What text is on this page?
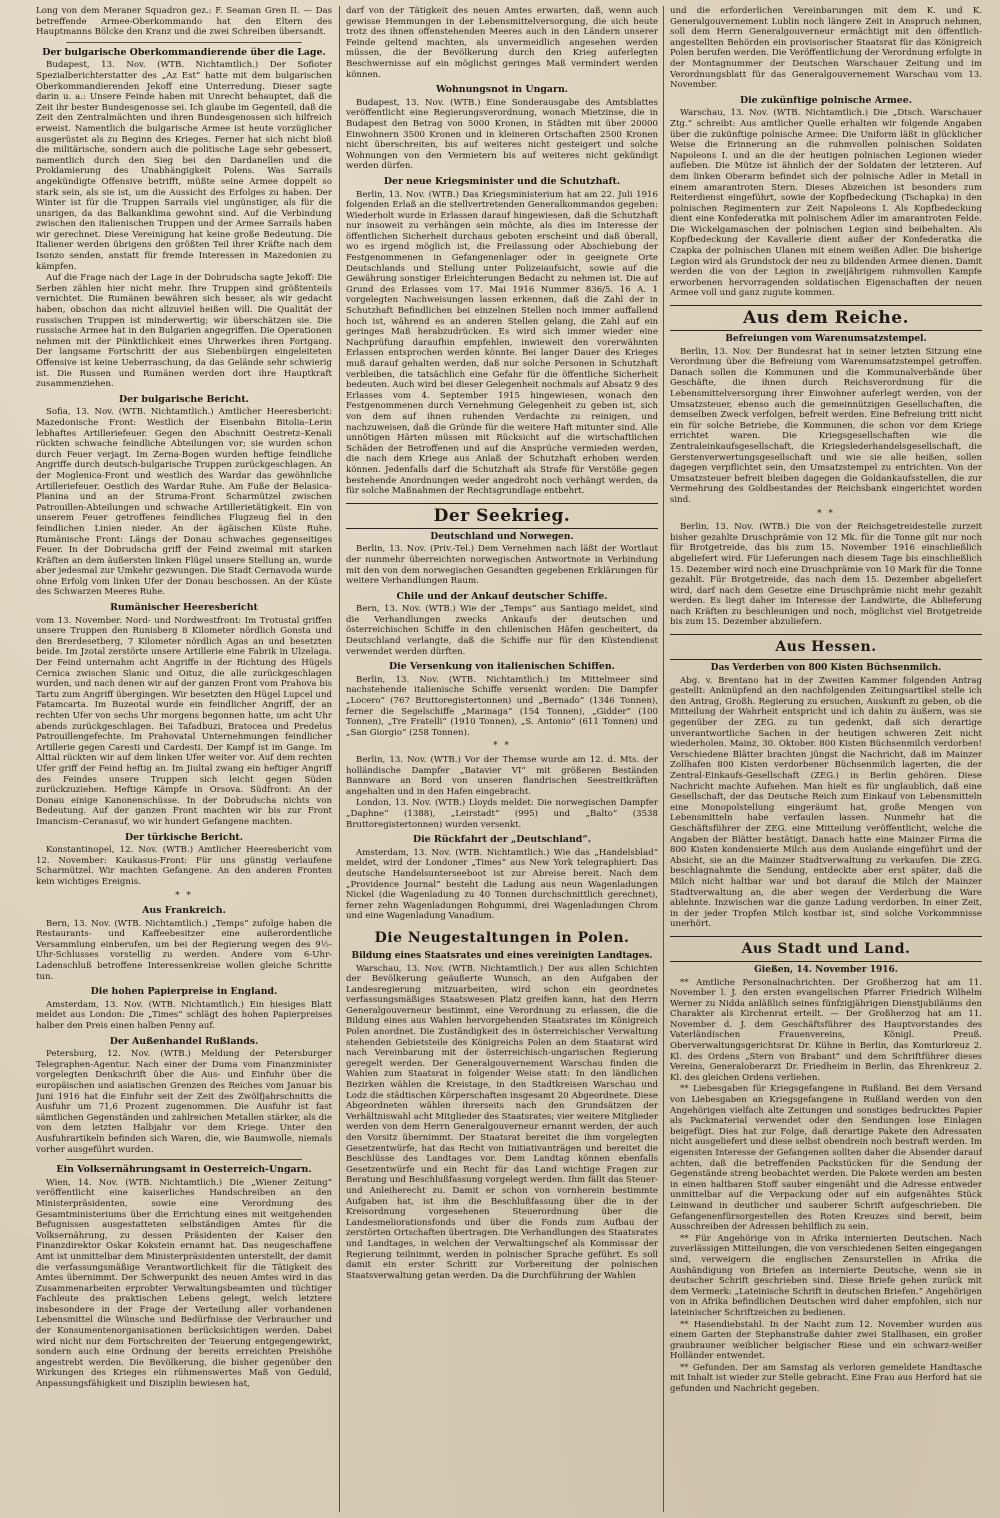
Long von dem Meraner Squadron gez.: F. Seaman Gren II. — Das betreffende Armee-Oberkommando hat den Eltern des Hauptmanns Bölcke den Kranz und die zwei Schreiben übersandt.

Der bulgarische Oberkommandierende über die Lage.

Budapest, 13. Nov. (WTB. Nichtamtlich.) Der Sofioter Spezialberichterstatter des „Az Est“ hatte mit dem bulgarischen Oberkommandierenden Jekoff eine Unterredung. Dieser sagte darin u. a.: Unsere Feinde haben mit Unrecht behauptet, daß die Zeit ihr bester Bundesgenosse sei. Ich glaube im Gegenteil, daß die Zeit den Zentralmächten und ihren Bundesgenossen sich hilfreich erweist. Namentlich die bulgarische Armee ist heute vorzüglicher ausgerüstet als zu Beginn des Krieges. Ferner hat sich nicht bloß die militärische, sondern auch die politische Lage sehr gebessert, namentlich durch den Sieg bei den Dardanellen und die Proklamierung des Unabhängigkeit Polens. Was Sarrails angekündigte Offensive betrifft, müßte seine Armee doppelt so stark sein, als sie ist, um die Aussicht des Erfolges zu haben. Der Winter ist für die Truppen Sarrails viel ungünstiger, als für die unsrigen, da das Balkanklima gewohnt sind. Auf die Verbindung zwischen den italienischen Truppen und der Armee Sarrails haben wir gerechnet. Diese Vereinigung hat keine große Bedeutung. Die Italiener werden übrigens den größten Teil ihrer Kräfte nach dem Isonzo senden, anstatt für fremde Interessen in Mazedonien zu kämpfen.

Auf die Frage nach der Lage in der Dobrudscha sagte Jekoff: Die Serben zählen hier nicht mehr. Ihre Truppen sind größtenteils vernichtet. Die Rumänen bewähren sich besser, als wir gedacht haben, obschon das nicht allzuviel heißen will. Die Qualität der russischen Truppen ist minderwertig; wir überschätzen sie. Die russische Armee hat in den Bulgarien angegriffen. Die Operationen nehmen mit der Pünktlichkeit eines Uhrwerkes ihren Fortgang. Der langsame Fortschritt der aus Siebenbürgen eingeleiteten Offensive ist keine Ueberraschung, da das Gelände sehr schwierig ist. Die Russen und Rumänen werden dort ihre Hauptkraft zusammenziehen.

Der bulgarische Bericht.

Sofia, 13. Nov. (WTB. Nichtamtlich.) Amtlicher Heeresbericht: Mazedonische Front: Westlich der Eisenbahn Bitolia–Lerin lebhaftes Artilleriefeuer. Gegen den Abschnitt Oestretz–Kenali rückten schwache feindliche Abteilungen vor; sie wurden schon durch Feuer verjagt. Im Zerna-Bogen wurden heftige feindliche Angriffe durch deutsch-bulgarische Truppen zurückgeschlagen. An der Moglenica-Front und westlich des Wardar das gewöhnliche Artilleriefeuer. Oestlich des Wardar Ruhe. Am Fuße der Belasica-Planina und an der Struma-Front Scharmützel zwischen Patrouillen-Abteilungen und schwache Artillerietätigkeit. Ein von unserem Feuer getroffenes feindliches Flugzeug fiel in den feindlichen Linien nieder. An der ägäischen Küste Ruhe. Rumänische Front: Längs der Donau schwaches gegenseitiges Feuer. In der Dobrudscha griff der Feind zweimal mit starken Kräften an dem äußersten linken Flügel unsere Stellung an, wurde aber jedesmal zur Umkehr gezwungen. Die Stadt Cernavoda wurde ohne Erfolg vom linken Ufer der Donau beschossen. An der Küste des Schwarzen Meeres Ruhe.

Rumänischer Heeresbericht

vom 13. November. Nord- und Nordwestfront: Im Trotustal griffen unsere Truppen den Runisberg 8 Kilometer nördlich Gonsta und den Brerdesetberg, 7 Kilometer nördlich Agas an und besetzten beide. Im Jzotal zerstörte unsere Artillerie eine Fabrik in Ulzelaga. Der Feind unternahm acht Angriffe in der Richtung des Hügels Cernica zwischen Slanic und Oituz, die alle zurückgeschlagen wurden, und nach denen wir auf der ganzen Front vom Prahova bis Tartu zum Angriff übergingen. Wir besetzten den Hügel Lupcel und Fatamcarta. Im Buzeotal wurde ein feindlicher Angriff, der an rechten Ufer von sechs Uhr morgens begonnen hatte, um acht Uhr abends zurückgeschlagen. Bei Tafadbuzi, Bratocea und Predelus Patrouillengefechte. Im Prahovatal Unternehmungen feindlicher Artillerie gegen Caresti und Cardesti. Der Kampf ist im Gange. Im Alttal rückten wir auf dem linken Ufer weiter vor. Auf dem rechten Ufer griff der Feind heftig an. Im Jiultal zwang ein heftiger Angriff des Feindes unsere Truppen sich leicht gegen Süden zurückzuziehen. Heftige Kämpfe in Orsova. Südfront: An der Donau einige Kanonenschüsse. In der Dobrudscha nichts von Bedeutung. Auf der ganzen Front machten wir bis zur Front Imancism–Ceranasuf, wo wir hundert Gefangene machten.

Der türkische Bericht.

Konstantinopel, 12. Nov. (WTB.) Amtlicher Heeresbericht vom 12. November: Kaukasus-Front: Für uns günstig verlaufene Scharmützel. Wir machten Gefangene. An den anderen Fronten kein wichtiges Ereignis.

* *
Aus Frankreich.

Bern, 13. Nov. (WTB. Nichtamtlich.) „Temps“ zufolge haben die Restaurants- und Kaffeebesitzer eine außerordentliche Versammlung einberufen, um bei der Regierung wegen des 9½-Uhr-Schlusses vorstellig zu werden. Andere vom 6-Uhr-Ladenschluß betroffene Interessenkreise wollen gleiche Schritte tun.

Die hohen Papierpreise in England.

Amsterdam, 13. Nov. (WTB. Nichtamtlich.) Ein hiesiges Blatt meldet aus London: Die „Times“ schlägt des hohen Papierpreises halber den Preis einen halben Penny auf.

Der Außenhandel Rußlands.

Petersburg, 12. Nov. (WTB.) Meldung der Petersburger Telegraphen-Agentur. Nach einer der Duma vom Finanzminister vorgelegten Denkschrift über die Aus- und Einfuhr über die europäischen und asiatischen Grenzen des Reiches vom Januar bis Juni 1916 hat die Einfuhr seit der Zeit des Zwölfjahrschnitts die Ausfuhr um 71,6 Prozent zugenommen. Die Ausfuhr ist fast sämtlichen Gegenständen und zahlreichen Metallen stärker, als die von dem letzten Halbjahr vor dem Kriege. Unter den Ausfuhrartikeln befinden sich Waren, die, wie Baumwolle, niemals vorher ausgeführt wurden.

Ein Volksernährungsamt in Oesterreich-Ungarn.

Wien, 14. Nov. (WTB. Nichtamtlich.) Die „Wiener Zeitung“ veröffentlicht eine kaiserliches Handschreiben an den Ministerpräsidenten, sowie eine Verordnung des Gesamtministeriums über die Errichtung eines mit weitgehenden Befugnissen ausgestatteten selbständigen Amtes für die Volksernährung, zu dessen Präsidenten der Kaiser den Finanzdirektor Oskar Kokstein ernannt hat. Das neugeschaffene Amt ist unmittelbar dem Ministerpräsidenten unterstellt, der damit die verfassungsmäßige Verantwortlichkeit für die Tätigkeit des Amtes übernimmt. Der Schwerpunkt des neuen Amtes wird in das Zusammenarbeiten erprobter Verwaltungsbeamten und tüchtiger Fachleute des praktischen Lebens gelegt, welch letztere insbesondere in der Frage der Verteilung aller vorhandenen Lebensmittel die Wünsche und Bedürfnisse der Verbraucher und der Konsumentenorganisationen berücksichtigen werden. Dabei wird nicht nur dem Fortschreiten der Teuerung entgegengewirkt, sondern auch eine Ordnung der bereits erreichten Preishöhe angestrebt werden. Die Bevölkerung, die bisher gegenüber den Wirkungen des Krieges ein rühmenswertes Maß von Geduld, Anpassungsfähigkeit und Disziplin bewiesen hat,

darf von der Tätigkeit des neuen Amtes erwarten, daß, wenn auch gewisse Hemmungen in der Lebensmittelversorgung, die sich heute trotz des ihnen offenstehenden Meeres auch in den Ländern unserer Feinde geltend machten, als unvermeidlich angesehen werden müssen, die der Bevölkerung durch den Krieg auferlegten Beschwernisse auf ein möglichst geringes Maß vermindert werden können.

Wohnungsnot in Ungarn.

Budapest, 13. Nov. (WTB.) Eine Sonderausgabe des Amtsblattes veröffentlicht eine Regierungsverordnung, wonach Mietzinse, die in Budapest den Betrag von 5000 Kronen, in Städten mit über 20000 Einwohnern 3500 Kronen und in kleineren Ortschaften 2500 Kronen nicht überschreiten, bis auf weiteres nicht gesteigert und solche Wohnungen von den Vermietern bis auf weiteres nicht gekündigt werden dürfen.

Der neue Kriegsminister und die Schutzhaft.

Berlin, 13. Nov. (WTB.) Das Kriegsministerium hat am 22. Juli 1916 folgenden Erlaß an die stellvertretenden Generalkommandos gegeben: Wiederholt wurde in Erlassen darauf hingewiesen, daß die Schutzhaft nur insoweit zu verhängen sein möchte, als dies im Interesse der öffentlichen Sicherheit durchaus geboten erscheint und daß überall, wo es irgend möglich ist, die Freilassung oder Abschiebung der Festgenommenen in Gefangenenlager oder in geeignete Orte Deutschlands und Stellung unter Polizeiaufsicht, sowie auf die Gewährung sonstiger Erleichterungen Bedacht zu nehmen ist. Die auf Grund des Erlasses vom 17. Mai 1916 Nummer 836/5. 16 A. 1 vorgelegten Nachweisungen lassen erkennen, daß die Zahl der in Schutzhaft Befindlichen bei einzelnen Stellen noch immer auffallend hoch ist, während es an anderen Stellen gelang, die Zahl auf ein geringes Maß herabzudrücken. Es wird sich immer wieder eine Nachprüfung daraufhin empfehlen, inwieweit den vorerwähnten Erlassen entsprochen werden könnte. Bei langer Dauer des Krieges muß darauf gehalten werden, daß nur solche Personen in Schutzhaft verbleiben, die tatsächlich eine Gefahr für die öffentliche Sicherheit bedeuten. Auch wird bei dieser Gelegenheit nochmals auf Absatz 9 des Erlasses vom 4. September 1915 hingewiesen, wonach den Festgenommenen durch Vernehmung Gelegenheit zu geben ist, sich von dem auf ihnen ruhenden Verdachte zu reinigen, und nachzuweisen, daß die Gründe für die weitere Haft mitunter sind. Alle unnötigen Härten müssen mit Rücksicht auf die wirtschaftlichen Schäden der Betroffenen und auf die Ansprüche vermieden werden, die nach dem Kriege aus Anlaß der Schutzhaft erhoben werden können. Jedenfalls darf die Schutzhaft als Strafe für Verstöße gegen bestehende Anordnungen weder angedroht noch verhängt werden, da für solche Maßnahmen der Rechtsgrundlage entbehrt.

Der Seekrieg.
Deutschland und Norwegen.

Berlin, 13. Nov. (Priv.-Tel.) Dem Vernehmen nach läßt der Wortlaut der nunmehr überreichten norwegischen Antwortnote in Verbindung mit den von dem norwegischen Gesandten gegebenen Erklärungen für weitere Verhandlungen Raum.

Chile und der Ankauf deutscher Schiffe.

Bern, 13. Nov. (WTB.) Wie der „Temps“ aus Santiago meldet, sind die Verhandlungen zwecks Ankaufs der deutschen und österreichischen Schiffe in den chilenischen Häfen gescheitert, da Deutschland verlangte, daß die Schiffe nur für den Küstendienst verwendet werden dürften.

Die Versenkung von italienischen Schiffen.

Berlin, 13. Nov. (WTB. Nichtamtlich.) Im Mittelmeer sind nachstehende italienische Schiffe versenkt worden: Die Dampfer „Locero“ (767 Bruttoregistertonnen) und „Bernado“ (1346 Tonnen), ferner die Segelschiffe „Marinaga“ (154 Tonnen), „Gidder“ (100 Tonnen), „Tre Fratelli“ (1910 Tonnen), „S. Antonio“ (611 Tonnen) und „San Giorgio“ (258 Tonnen).

* *

Berlin, 13. Nov. (WTB.) Vor der Themse wurde am 12. d. Mts. der holländische Dampfer „Batavier VI“ mit größeren Beständen Bannware an Bord von unseren flandrischen Seestreitkräften angehalten und in den Hafen eingebracht.

London, 13. Nov. (WTB.) Lloyds meldet: Die norwegischen Dampfer „Daphne“ (1388), „Leirstadt“ (995) und „Balto“ (3538 Bruttoregistertonnen) wurden versenkt.

Die Rückfahrt der „Deutschland“.

Amsterdam, 13. Nov. (WTB. Nichtamtlich.) Wie das „Handelsblad“ meldet, wird der Londoner „Times“ aus New York telegraphiert: Das deutsche Handelsunterseeboot ist zur Abreise bereit. Nach dem „Providence Journal“ besteht die Ladung aus neun Wagenladungen Nickel (die Wagenladung zu 40 Tonnen durchschnittlich gerechnet), ferner zehn Wagenladungen Rohgummi, drei Wagenladungen Chrom und eine Wagenladung Vanadium.

Die Neugestaltungen in Polen.
Bildung eines Staatsrates und eines vereinigten Landtages.

Warschau, 13. Nov. (WTB. Nichtamtlich.) Der aus allen Schichten der Bevölkerung geäußerte Wunsch, an den Aufgaben der Landesregierung mitzuarbeiten, wird schon ein geordnetes verfassungsmäßiges Staatswesen Platz greifen kann, hat den Herrn Generalgouverneur bestimmt, eine Verordnung zu erlassen, die die Bildung eines aus Wahlen hervorgehenden Staatsrates im Königreich Polen anordnet. Die Zuständigkeit des in österreichischer Verwaltung stehenden Gebietsteile des Königreichs Polen an dem Staatsrat wird nach Vereinbarung mit der österreichisch-ungarischen Regierung geregelt werden. Der Generalgouvernement Warschau finden die Wahlen zum Staatsrat in folgender Weise statt: In den ländlichen Bezirken wählen die Kreistage, in den Stadtkreisen Warschau und Lodz die städtischen Körperschaften insgesamt 20 Abgeordnete. Diese Abgeordneten wählen ihrerseits nach den Grundsätzen der Verhältniswahl acht Mitglieder des Staatsrates; vier weitere Mitglieder werden von dem Herrn Generalgouverneur ernannt werden, der auch den Vorsitz übernimmt. Der Staatsrat bereitet die ihm vorgelegten Gesetzentwürfe, hat das Recht von Initiativanträgen und bereitet die Beschlüsse des Landtages vor. Dem Landtag können ebenfalls Gesetzentwürfe und ein Recht für das Land wichtige Fragen zur Beratung und Beschlußfassung vorgelegt werden. Ihm fällt das Steuer- und Anleiherecht zu. Damit er schon von vornherein bestimmte Aufgaben hat, ist ihm die Beschlußfassung über die in der Kreisordnung vorgesehenen Steuerordnung über die Landesmeliorationsfonds und über die Fonds zum Aufbau der zerstörten Ortschaften übertragen. Die Verhandlungen des Staatsrates und Landtages, in welchen der Verwaltungschef als Kommissar der Regierung teilnimmt, werden in polnischer Sprache geführt. Es soll damit ein erster Schritt zur Vorbereitung der polnischen Staatsverwaltung getan werden. Da die Durchführung der Wahlen

und die erforderlichen Vereinbarungen mit dem K. und K. Generalgouvernement Lublin noch längere Zeit in Anspruch nehmen, soll dem Herrn Generalgouverneur ermächtigt mit den öffentlich-angestellten Behörden ein provisorischer Staatsrat für das Königreich Polen berufen werden. Die Veröffentlichung der Verordnung erfolgte in der Montagnummer der Deutschen Warschauer Zeitung und im Verordnungsblatt für das Generalgouvernement Warschau vom 13. November.

Die zukünftige polnische Armee.

Warschau, 13. Nov. (WTB. Nichtamtlich.) Die „Dtsch. Warschauer Ztg.“ schreibt: Aus amtlicher Quelle erhalten wir folgende Angaben über die zukünftige polnische Armee: Die Uniform läßt in glücklicher Weise die Erinnerung an die ruhmvollen polnischen Soldaten Napoleons I. und an die der heutigen polnischen Legionen wieder aufleben. Die Mütze ist ähnlich der der Soldaten der letzteren. Auf dem linken Oberarm befindet sich der polnische Adler in Metall in einem amarantroten Stern. Dieses Abzeichen ist besonders zum Reiterdienst eingeführt, sowie der Kopfbedeckung (Tschapka) in den polnischen Regimentern zur Zeit Napoleons I. Als Kopfbedeckung dient eine Konfederatka mit polnischem Adler im amarantroten Felde. Die Wickelgamaschen der polnischen Legion sind beibehalten. Als Kopfbedeckung der Kavallerie dient außer der Konfederatka die Czapka der polnischen Ulanen mit einem weißen Adler. Die bisherige Legion wird als Grundstock der neu zu bildenden Armee dienen. Damit werden die von der Legion in zweijährigem ruhmvollen Kampfe erworbenen hervorragenden soldatischen Eigenschaften der neuen Armee voll und ganz zugute kommen.

Aus dem Reiche.
Befreiungen vom Warenumsatzstempel.

Berlin, 13. Nov. Der Bundesrat hat in seiner letzten Sitzung eine Verordnung über die Befreiung vom Warenumsatzstempel getroffen. Danach sollen die Kommunen und die Kommunalverbände über Geschäfte, die ihnen durch Reichsverordnung für die Lebensmittelversorgung ihrer Einwohner auferlegt werden, von der Umsatzsteuer, ebenso auch die gemeinnützigen Gesellschaften, die demselben Zweck verfolgen, befreit werden. Eine Befreiung tritt nicht ein für solche Betriebe, die Kommunen, die schon vor dem Kriege errichtet waren. Die Kriegsgesellschaften wie die Zentraleinkaufsgesellschaft, die Kriegslederhandelsgesellschaft, die Gerstenverwertungsgesellschaft und wie sie alle heißen, sollen dagegen verpflichtet sein, den Umsatzstempel zu entrichten. Von der Umsatzsteuer befreit bleiben dagegen die Goldankaufsstellen, die zur Vermehrung des Goldbestandes der Reichsbank eingerichtet worden sind.

* *

Berlin, 13. Nov. (WTB.) Die von der Reichsgetreidestelle zurzeit bisher gezahlte Druschprämie von 12 Mk. für die Tonne gilt nur noch für Brotgetreide, das bis zum 15. November 1916 einschließlich abgeliefert wird. Für Lieferungen nach diesem Tage bis einschließlich 15. Dezember wird noch eine Druschprämie von 10 Mark für die Tonne gezahlt. Für Brotgetreide, das nach dem 15. Dezember abgeliefert wird, darf nach dem Gesetze eine Druschprämie nicht mehr gezahlt werden. Es liegt daher im Interesse der Landwirte, die Ablieferung nach Kräften zu beschleunigen und noch, möglichst viel Brotgetreide bis zum 15. Dezember abzuliefern.

Aus Hessen.
Das Verderben von 800 Kisten Büchsenmilch.

Abg. v. Brentano hat in der Zweiten Kammer folgenden Antrag gestellt: Anknüpfend an den nachfolgenden Zeitungsartikel stelle ich den Antrag, Großh. Regierung zu ersuchen, Auskunft zu geben, ob die Mitteilung der Wahrheit entspricht und ich dahin zu äußern, was sie gegenüber der ZEG. zu tun gedenkt, daß sich derartige unverantwortliche Sachen in der heutigen schweren Zeit nicht wiederholen. Mainz, 30. Oktober. 800 Kisten Büchsenmilch verdorben! Verschiedene Blätter brachten jüngst die Nachricht, daß im Mainzer Zollhafen 800 Kisten verdorbener Büchsenmilch lagerten, die der Zentral-Einkaufs-Gesellschaft (ZEG.) in Berlin gehören. Diese Nachricht machte Aufsehen. Man hielt es für unglaublich, daß eine Gesellschaft, der das Deutsche Reich zum Einkauf von Lebensmitteln eine Monopolstellung eingeräumt hat, große Mengen von Lebensmitteln habe verfaulen lassen. Nunmehr hat die Geschäftsführer der ZEG. eine Mitteilung veröffentlicht, welche die Angaben der Blätter bestätigt. Danach hatte eine Mainzer Firma die 800 Kisten kondensierte Milch aus dem Auslande eingeführt und der Absicht, sie an die Mainzer Stadtverwaltung zu verkaufen. Die ZEG. beschlagnahmte die Sendung, entdeckte aber erst später, daß die Milch nicht haltbar war und bot darauf die Milch der Mainzer Stadtverwaltung an, die aber wegen der Verderbung die Ware ablehnte. Inzwischen war die ganze Ladung verdorben. In einer Zeit, in der jeder Tropfen Milch kostbar ist, sind solche Vorkommnisse unerhört.

Aus Stadt und Land.
Gießen, 14. November 1916.

** Amtliche Personalnachrichten. Der Großherzog hat am 11. November l. J. den ersten evangelischen Pfarrer Friedrich Wilhelm Werner zu Nidda anläßlich seines fünfzigjährigen Dienstjubiläums den Charakter als Kirchenrat erteilt. — Der Großherzog hat am 11. November d. J. dem Geschäftsführer des Hauptvorstandes des Vaterländischen Frauenvereins, Königl. Preuß. Oberverwaltungsgerichtsrat Dr. Kühne in Berlin, das Komturkreuz 2. Kl. des Ordens „Stern von Brabant“ und dem Schriftführer dieses Vereins, Generaloberarzt Dr. Friedheim in Berlin, das Ehrenkreuz 2. Kl. des gleichen Ordens verliehen.

** Liebesgaben für Kriegsgefangene in Rußland. Bei dem Versand von Liebesgaben an Kriegsgefangene in Rußland werden von den Angehörigen vielfach alte Zeitungen und sonstiges bedrucktes Papier als Packmaterial verwendet oder den Sendungen lose Einlagen beigefügt. Dies hat zur Folge, daß derartige Pakete den Adressaten nicht ausgeliefert und diese selbst obendrein noch bestraft werden. Im eigensten Interesse der Gefangenen sollten daher die Absender darauf achten, daß die betreffenden Packstücken für die Sendung der Gegenstände streng beobachtet werden. Die Pakete werden am besten in einen haltbaren Stoff sauber eingenäht und die Adresse entweder unmittelbar auf die Verpackung oder auf ein aufgenähtes Stück Leinwand in deutlicher und sauberer Schrift aufgeschrieben. Die Gefangenenfürsorgestellen des Roten Kreuzes sind bereit, beim Ausschreiben der Adressen behilflich zu sein.

** Für Angehörige von in Afrika internierten Deutschen. Nach zuverlässigen Mitteilungen, die von verschiedenen Seiten eingegangen sind, verweigern die englischen Zensurstellen in Afrika die Aushändigung von Briefen an internierte Deutsche, wenn sie in deutscher Schrift geschrieben sind. Diese Briefe gehen zurück mit dem Vermerk: „Lateinische Schrift in deutschen Briefen.“ Angehörigen von in Afrika befindlichen Deutschen wird daher empfohlen, sich nur lateinischer Schriftzeichen zu bedienen.

** Hasendiebstahl. In der Nacht zum 12. November wurden aus einem Garten der Stephanstraße dahier zwei Stallhasen, ein großer graubrauner weiblicher belgischer Riese und ein schwarz-weißer Holländer entwendet.

** Gefunden. Der am Samstag als verloren gemeldete Handtasche mit Inhalt ist wieder zur Stelle gebracht. Eine Frau aus Herford hat sie gefunden und Nachricht gegeben.
